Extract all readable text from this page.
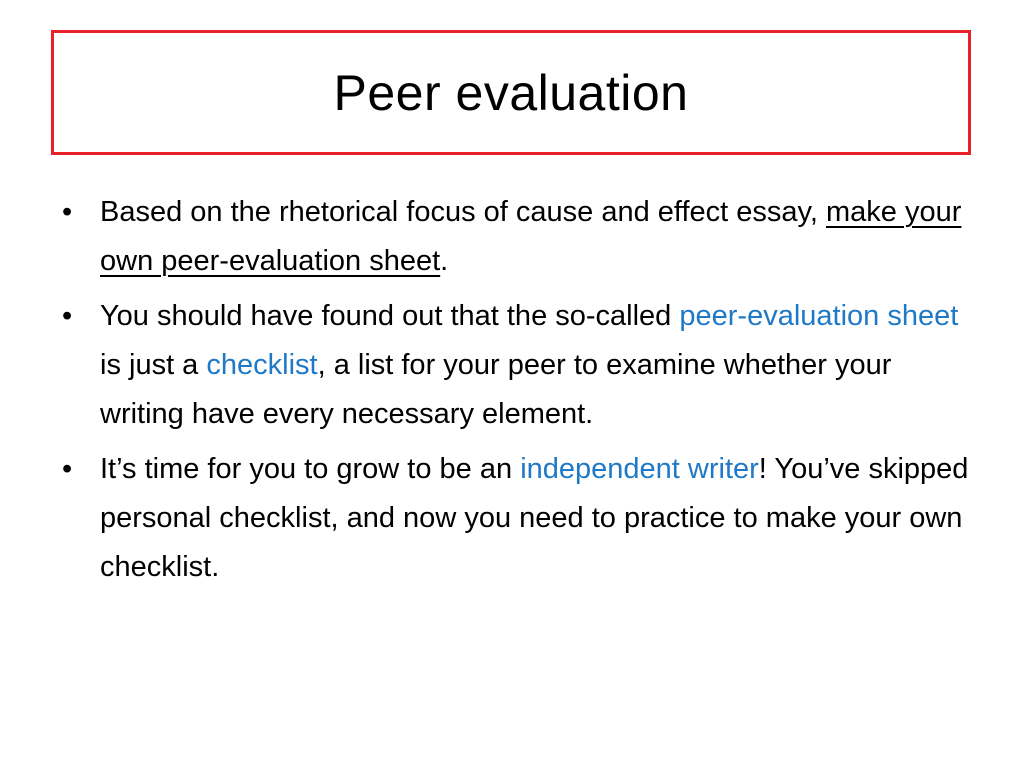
Peer evaluation
• Based on the rhetorical focus of cause and effect essay, make your own peer-evaluation sheet.
• You should have found out that the so-called peer-evaluation sheet is just a checklist, a list for your peer to examine whether your writing have every necessary element.
• It’s time for you to grow to be an independent writer! You’ve skipped personal checklist, and now you need to practice to make your own checklist.
